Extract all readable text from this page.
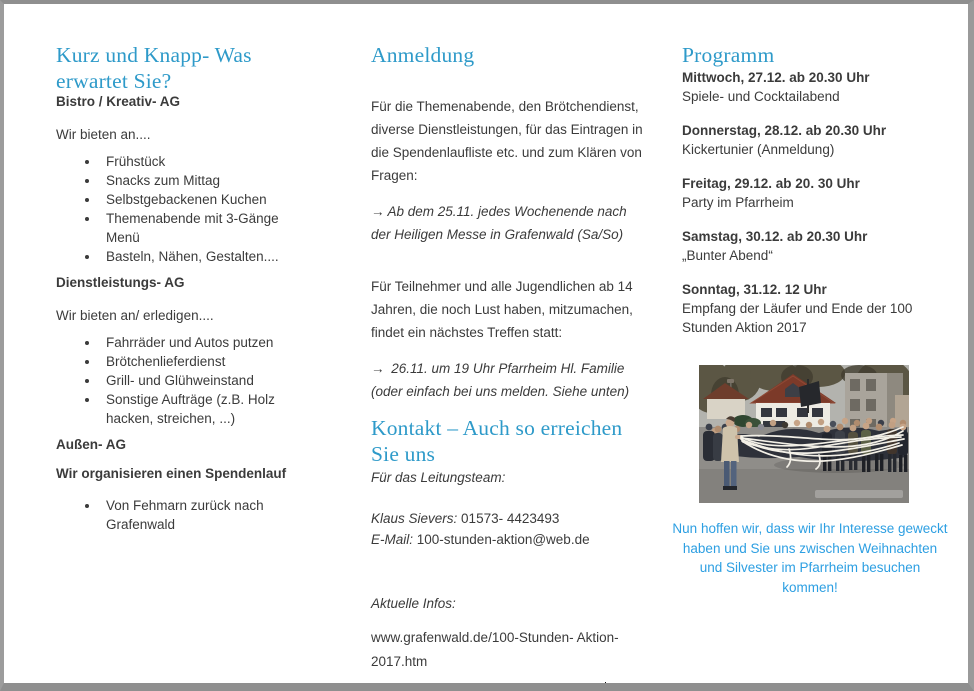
Kurz und Knapp- Was erwartet Sie?

Bistro / Kreativ- AG

Wir bieten an....

• Frühstück
• Snacks zum Mittag
• Selbstgebackenen Kuchen
• Themenabende mit 3-Gänge Menü
• Basteln, Nähen, Gestalten....

Dienstleistungs- AG

Wir bieten an/ erledigen....

• Fahrräder und Autos putzen
• Brötchenlieferdienst
• Grill- und Glühweinstand
• Sonstige Aufträge (z.B. Holz hacken, streichen, ...)

Außen- AG

Wir organisieren einen Spendenlauf

• Von Fehmarn zurück nach Grafenwald
Anmeldung

Für die Themenabende, den Brötchendienst, diverse Dienstleistungen, für das Eintragen in die Spendenlaufliste etc. und zum Klären von Fragen:

→ Ab dem 25.11. jedes Wochenende nach der Heiligen Messe in Grafenwald (Sa/So)

Für Teilnehmer und alle Jugendlichen ab 14 Jahren, die noch Lust haben, mitzumachen, findet ein nächstes Treffen statt:

→ 26.11. um 19 Uhr Pfarrheim Hl. Familie (oder einfach bei uns melden. Siehe unten)

Kontakt – Auch so erreichen Sie uns

Für das Leitungsteam:

Klaus Sievers: 01573- 4423493

E-Mail: 100-stunden-aktion@web.de

Aktuelle Infos:

www.grafenwald.de/100-Stunden- Aktion-
2017.htm

www.facebook.com/JugendGrafenwald

Programm
Mittwoch, 27.12. ab 20.30 Uhr
Spiele- und Cocktailabend
Donnerstag, 28.12. ab 20.30 Uhr
Kickertunier (Anmeldung)
Freitag, 29.12. ab 20. 30 Uhr
Party im Pfarrheim
Samstag, 30.12. ab 20.30 Uhr
„Bunter Abend“
Sonntag, 31.12. 12 Uhr
Empfang der Läufer und Ende der 100 Stunden Aktion 2017

Nun hoffen wir, dass wir Ihr Interesse geweckt haben und Sie uns zwischen Weihnachten und Silvester im Pfarrheim besuchen kommen!
